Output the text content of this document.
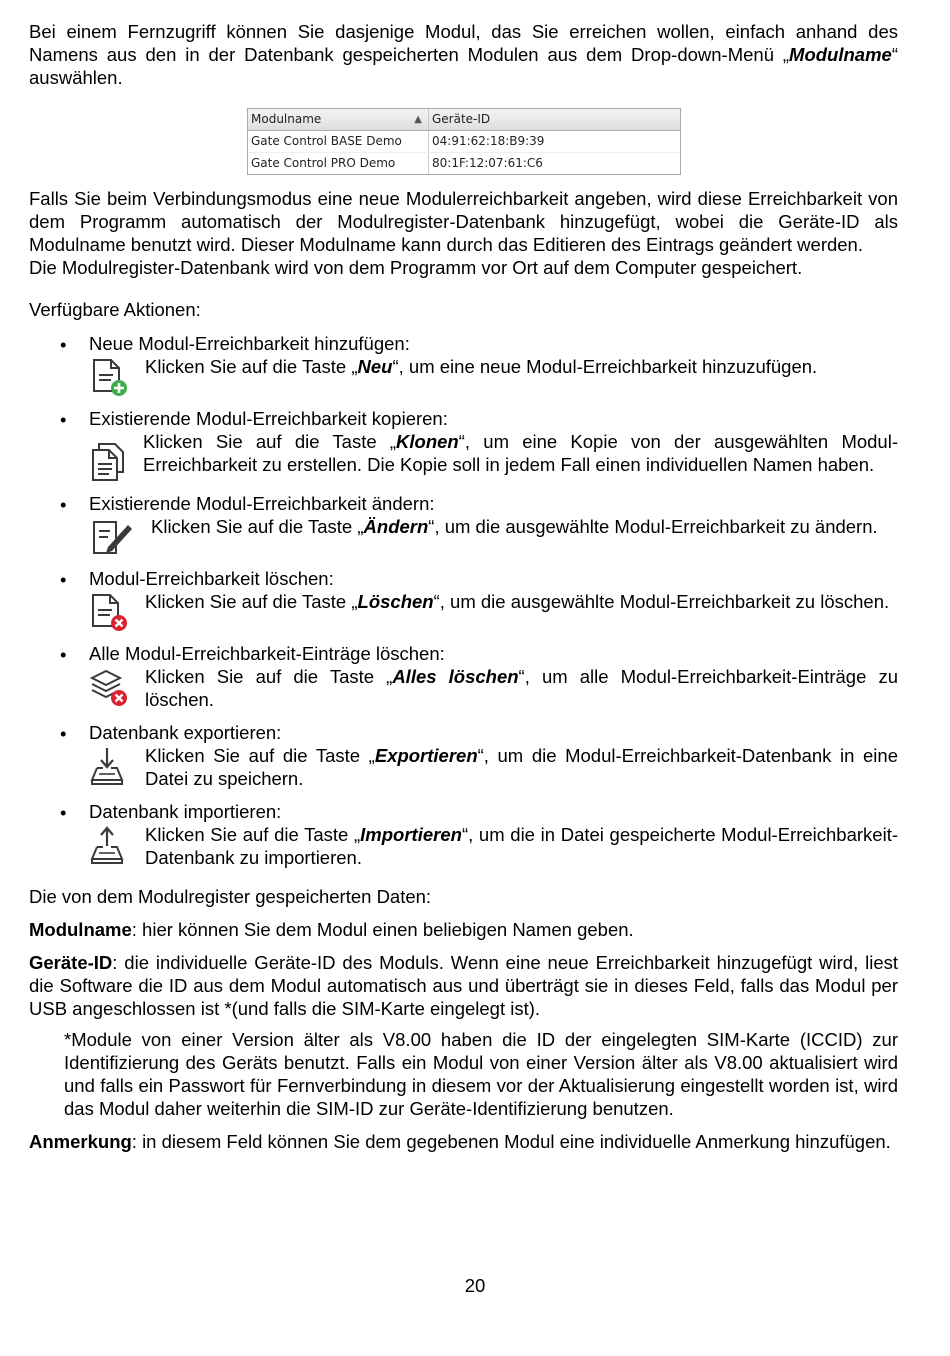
Bei einem Fernzugriff können Sie dasjenige Modul, das Sie erreichen wollen, einfach anhand des Namens aus den in der Datenbank gespeicherten Modulen aus dem Drop-down-Menü „Modulname“ auswählen.

Modulname	▲ Geräte-ID
Gate Control BASE Demo	04:91:62:18:B9:39
Gate Control PRO Demo	80:1F:12:07:61:C6

Falls Sie beim Verbindungsmodus eine neue Modulerreichbarkeit angeben, wird diese Erreichbarkeit von dem Programm automatisch der Modulregister-Datenbank hinzugefügt, wobei die Geräte-ID als Modulname benutzt wird. Dieser Modulname kann durch das Editieren des Eintrags geändert werden.

Die Modulregister-Datenbank wird von dem Programm vor Ort auf dem Computer gespeichert.

Verfügbare Aktionen:

• Neue Modul-Erreichbarkeit hinzufügen:
Klicken Sie auf die Taste „Neu“, um eine neue Modul-Erreichbarkeit hinzuzufügen.
• Existierende Modul-Erreichbarkeit kopieren:
Klicken Sie auf die Taste „Klonen“, um eine Kopie von der ausgewählten Modul-Erreichbarkeit zu erstellen. Die Kopie soll in jedem Fall einen individuellen Namen haben.
• Existierende Modul-Erreichbarkeit ändern:
Klicken Sie auf die Taste „Ändern“, um die ausgewählte Modul-Erreichbarkeit zu ändern.
• Modul-Erreichbarkeit löschen:
Klicken Sie auf die Taste „Löschen“, um die ausgewählte Modul-Erreichbarkeit zu löschen.
• Alle Modul-Erreichbarkeit-Einträge löschen:
Klicken Sie auf die Taste „Alles löschen“, um alle Modul-Erreichbarkeit-Einträge zu löschen.
• Datenbank exportieren:
Klicken Sie auf die Taste „Exportieren“, um die Modul-Erreichbarkeit-Datenbank in eine Datei zu speichern.
• Datenbank importieren:
Klicken Sie auf die Taste „Importieren“, um die in Datei gespeicherte Modul-Erreichbarkeit-Datenbank zu importieren.

Die von dem Modulregister gespeicherten Daten:

Modulname: hier können Sie dem Modul einen beliebigen Namen geben.

Geräte-ID: die individuelle Geräte-ID des Moduls. Wenn eine neue Erreichbarkeit hinzugefügt wird, liest die Software die ID aus dem Modul automatisch aus und überträgt sie in dieses Feld, falls das Modul per USB angeschlossen ist *(und falls die SIM-Karte eingelegt ist).

*Module von einer Version älter als V8.00 haben die ID der eingelegten SIM-Karte (ICCID) zur Identifizierung des Geräts benutzt. Falls ein Modul von einer Version älter als V8.00 aktualisiert wird und falls ein Passwort für Fernverbindung in diesem vor der Aktualisierung eingestellt worden ist, wird das Modul daher weiterhin die SIM-ID zur Geräte-Identifizierung benutzen.

Anmerkung: in diesem Feld können Sie dem gegebenen Modul eine individuelle Anmerkung hinzufügen.

20
